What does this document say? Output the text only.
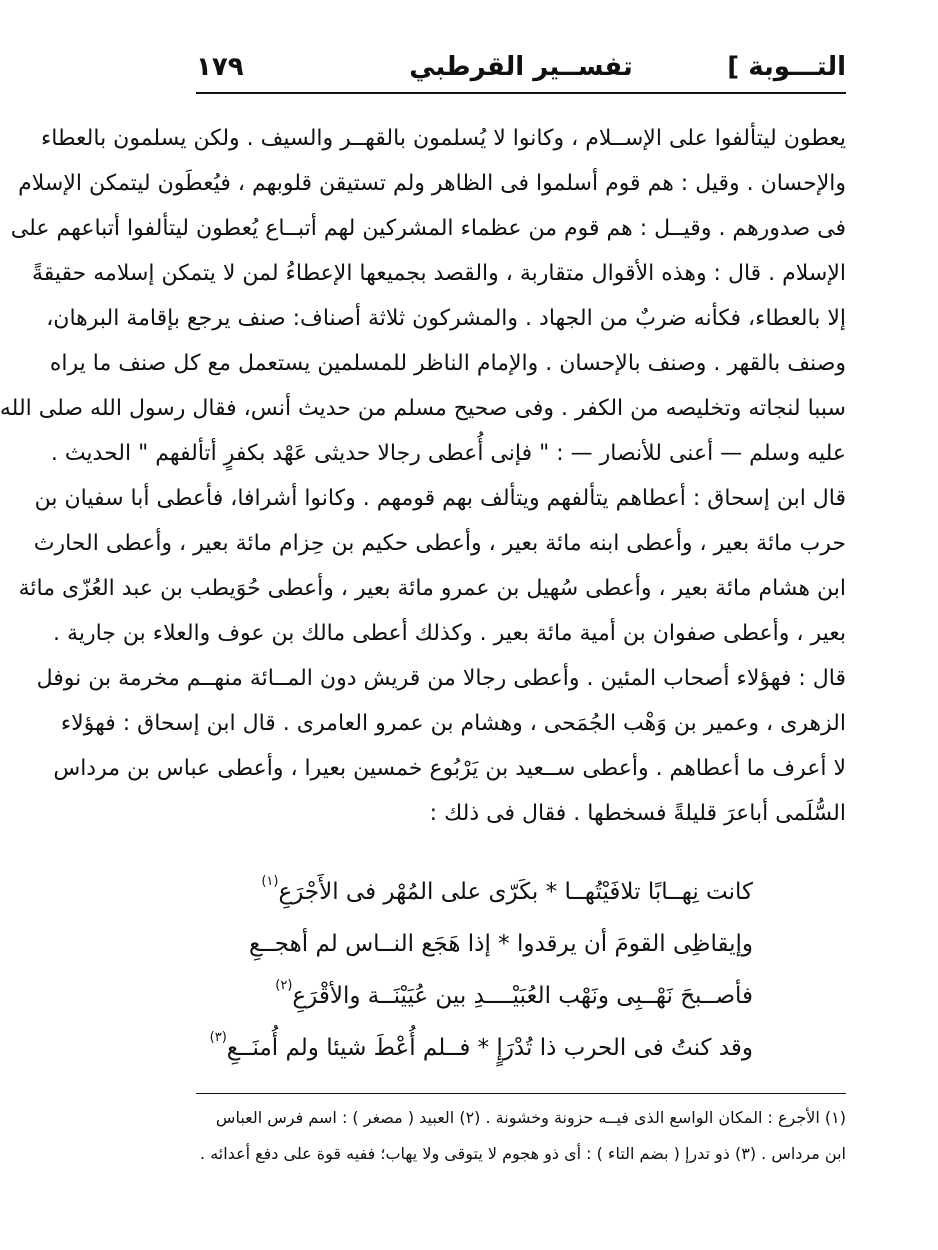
التـــوبة ]
تفســير القرطبي
١٧٩
يعطون ليتألفوا على الإســلام ، وكانوا لا يُسلمون بالقهــر والسيف . ولكن يسلمون بالعطاء
والإحسان . وقيل : هم قوم أسلموا فى الظاهر ولم تستيقن قلوبهم ، فيُعطَون ليتمكن الإسلام
فى صدورهم . وقيــل : هم قوم من عظماء المشركين لهم أتبــاع يُعطون ليتألفوا أتباعهم على
الإسلام . قال : وهذه الأقوال متقاربة ، والقصد بجميعها الإعطاءُ لمن لا يتمكن إسلامه حقيقةً
إلا بالعطاء، فكأنه ضربٌ من الجهاد . والمشركون ثلاثة أصناف: صنف يرجع بإقامة البرهان،
وصنف بالقهر . وصنف بالإحسان . والإمام الناظر للمسلمين يستعمل مع كل صنف ما يراه
سببا لنجاته وتخليصه من الكفر . وفى صحيح مسلم من حديث أنس، فقال رسول الله صلى الله
عليه وسلم — أعنى للأنصار — : " فإنى أُعطى رجالا حديثى عَهْد بكفرٍ أتألفهم " الحديث .
قال ابن إسحاق : أعطاهم يتألفهم ويتألف بهم قومهم . وكانوا أشرافا، فأعطى أبا سفيان بن
حرب مائة بعير ، وأعطى ابنه مائة بعير ، وأعطى حكيم بن حِزام مائة بعير ، وأعطى الحارث
ابن هشام مائة بعير ، وأعطى سُهيل بن عمرو مائة بعير ، وأعطى حُوَيطب بن عبد العُزّى مائة
بعير ، وأعطى صفوان بن أمية مائة بعير . وكذلك أعطى مالك بن عوف والعلاء بن جارية .
قال : فهؤلاء أصحاب المئين . وأعطى رجالا من قريش دون المــائة منهــم مخرمة بن نوفل
الزهرى ، وعمير بن وَهْب الجُمَحى ، وهشام بن عمرو العامرى . قال ابن إسحاق : فهؤلاء
لا أعرف ما أعطاهم . وأعطى ســعيد بن يَرْبُوع خمسين بعيرا ، وأعطى عباس بن مرداس
السُّلَمى أباعرَ قليلةً فسخطها . فقال فى ذلك :
كانت نِهــابًا تلافَيْتُهــا * بكَرّى على المُهْر فى الأَجْرَعِ$^{(١)}$
وإيقاظِى القومَ أن يرقدوا * إذا هَجَع النــاس لم أهجــعِ
فأصــبحَ نَهْــبِى ونَهْب العُبَيْــــدِ بين عُيَيْنَــة والأقْرَعِ$^{(٢)}$
وقد كنتُ فى الحرب ذا تُدْرَإٍ * فــلم أُعْطَ شيئا ولم أُمنَــعِ$^{(٣)}$
(١) الأجرع : المكان الواسع الذى فيــه حزونة وخشونة . (٢) العبيد ( مصغر ) : اسم فرس العباس
ابن مرداس . (٣) ذو تدرإ ( بضم التاء ) : أى ذو هجوم لا يتوقى ولا يهاب؛ ففيه قوة على دفع أعدائه .
